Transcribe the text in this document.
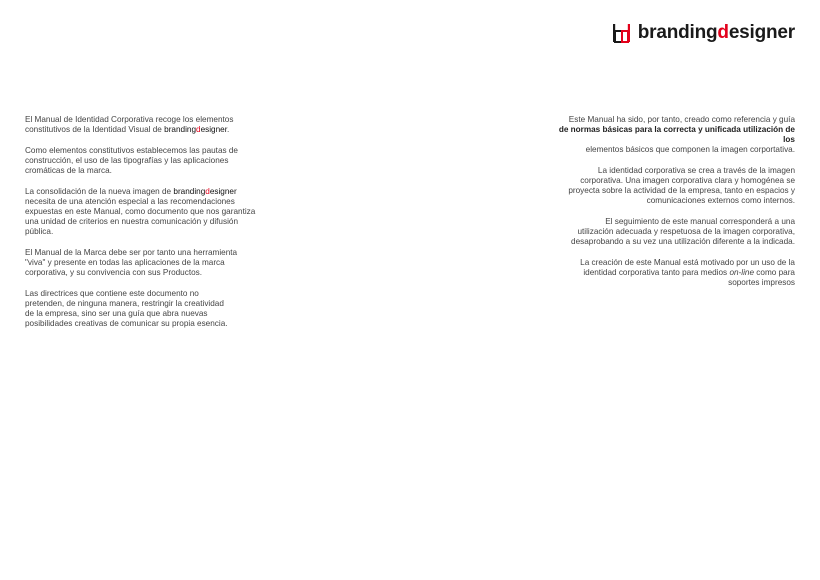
brandingdesigner

El Manual de Identidad Corporativa recoge los elementos
constitutivos de la Identidad Visual de brandingdesigner.

Como elementos constitutivos establecemos las pautas de
construcción, el uso de las tipografías y las aplicaciones
cromáticas de la marca.

La consolidación de la nueva imagen de brandingdesigner
necesita de una atención especial a las recomendaciones
expuestas en este Manual, como documento que nos garantiza
una unidad de criterios en nuestra comunicación y difusión
pública.

El Manual de la Marca debe ser por tanto una herramienta
"viva" y presente en todas las aplicaciones de la marca
corporativa, y su convivencia con sus Productos.

Las directrices que contiene este documento no
pretenden, de ninguna manera, restringir la creatividad
de la empresa, sino ser una guía que abra nuevas
posibilidades creativas de comunicar su propia esencia.

Este Manual ha sido, por tanto, creado como referencia y guía
de normas básicas para la correcta y unificada utilización de los
elementos básicos que componen la imagen corportativa.

La identidad corporativa se crea a través de la imagen
corporativa. Una imagen corporativa clara y homogénea se
proyecta sobre la actividad de la empresa, tanto en espacios y
comunicaciones externos como internos.

El seguimiento de este manual corresponderá a una
utilización adecuada y respetuosa de la imagen corporativa,
desaprobando a su vez una utilización diferente a la indicada.

La creación de este Manual está motivado por un uso de la
identidad corporativa tanto para medios on-line como para
soportes impresos
